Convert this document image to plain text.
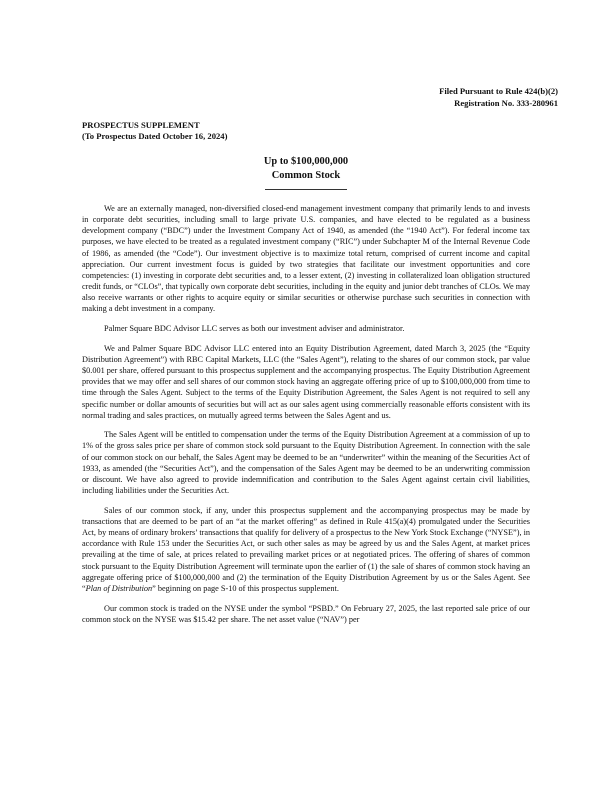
Filed Pursuant to Rule 424(b)(2)
Registration No. 333-280961
PROSPECTUS SUPPLEMENT
(To Prospectus Dated October 16, 2024)
Up to $100,000,000
Common Stock

We are an externally managed, non-diversified closed-end management investment company that primarily lends to and invests in corporate debt securities, including small to large private U.S. companies, and have elected to be regulated as a business development company (“BDC”) under the Investment Company Act of 1940, as amended (the “1940 Act”). For federal income tax purposes, we have elected to be treated as a regulated investment company (“RIC”) under Subchapter M of the Internal Revenue Code of 1986, as amended (the “Code”). Our investment objective is to maximize total return, comprised of current income and capital appreciation. Our current investment focus is guided by two strategies that facilitate our investment opportunities and core competencies: (1) investing in corporate debt securities and, to a lesser extent, (2) investing in collateralized loan obligation structured credit funds, or “CLOs”, that typically own corporate debt securities, including in the equity and junior debt tranches of CLOs. We may also receive warrants or other rights to acquire equity or similar securities or otherwise purchase such securities in connection with making a debt investment in a company.

Palmer Square BDC Advisor LLC serves as both our investment adviser and administrator.

We and Palmer Square BDC Advisor LLC entered into an Equity Distribution Agreement, dated March 3, 2025 (the “Equity Distribution Agreement”) with RBC Capital Markets, LLC (the “Sales Agent”), relating to the shares of our common stock, par value $0.001 per share, offered pursuant to this prospectus supplement and the accompanying prospectus. The Equity Distribution Agreement provides that we may offer and sell shares of our common stock having an aggregate offering price of up to $100,000,000 from time to time through the Sales Agent. Subject to the terms of the Equity Distribution Agreement, the Sales Agent is not required to sell any specific number or dollar amounts of securities but will act as our sales agent using commercially reasonable efforts consistent with its normal trading and sales practices, on mutually agreed terms between the Sales Agent and us.

The Sales Agent will be entitled to compensation under the terms of the Equity Distribution Agreement at a commission of up to 1% of the gross sales price per share of common stock sold pursuant to the Equity Distribution Agreement. In connection with the sale of our common stock on our behalf, the Sales Agent may be deemed to be an “underwriter” within the meaning of the Securities Act of 1933, as amended (the “Securities Act”), and the compensation of the Sales Agent may be deemed to be an underwriting commission or discount. We have also agreed to provide indemnification and contribution to the Sales Agent against certain civil liabilities, including liabilities under the Securities Act.

Sales of our common stock, if any, under this prospectus supplement and the accompanying prospectus may be made by transactions that are deemed to be part of an “at the market offering” as defined in Rule 415(a)(4) promulgated under the Securities Act, by means of ordinary brokers’ transactions that qualify for delivery of a prospectus to the New York Stock Exchange (“NYSE”), in accordance with Rule 153 under the Securities Act, or such other sales as may be agreed by us and the Sales Agent, at market prices prevailing at the time of sale, at prices related to prevailing market prices or at negotiated prices. The offering of shares of common stock pursuant to the Equity Distribution Agreement will terminate upon the earlier of (1) the sale of shares of common stock having an aggregate offering price of $100,000,000 and (2) the termination of the Equity Distribution Agreement by us or the Sales Agent. See “Plan of Distribution” beginning on page S-10 of this prospectus supplement.

Our common stock is traded on the NYSE under the symbol “PSBD.” On February 27, 2025, the last reported sale price of our common stock on the NYSE was $15.42 per share. The net asset value (“NAV”) per
